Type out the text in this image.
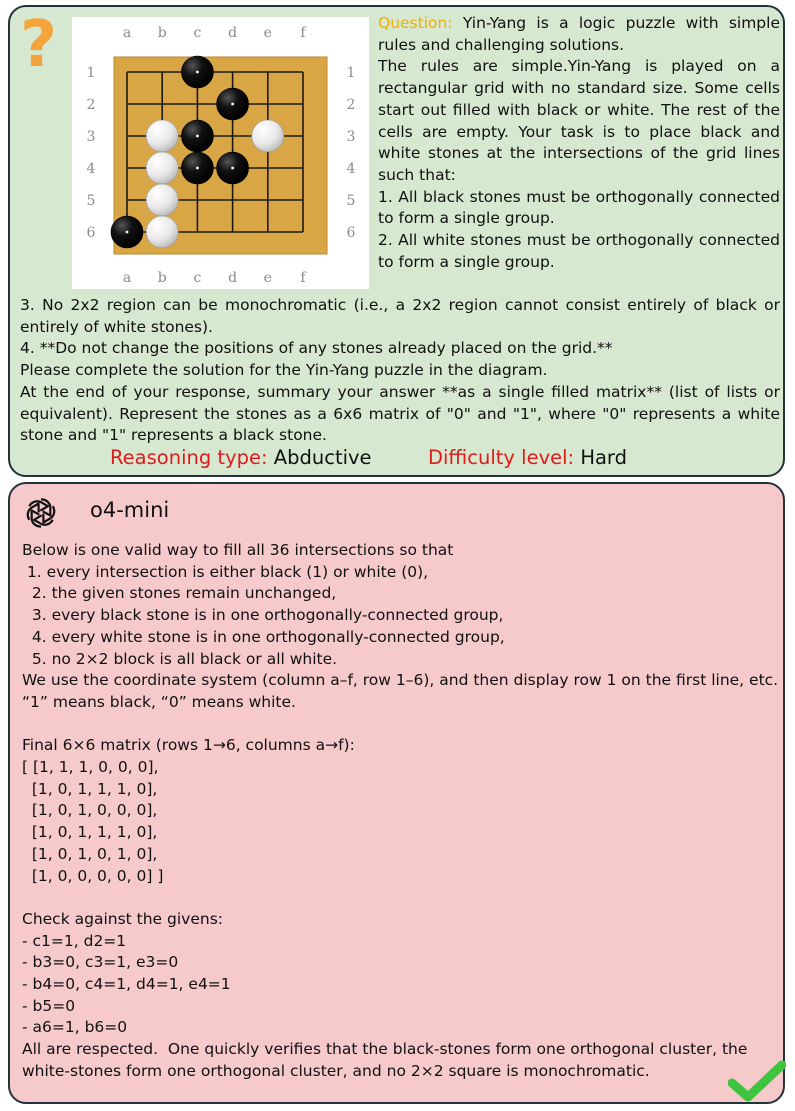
?	a b c d e f
a b c d e f
1
2
3
4
5
6
1
2
3
4
5
6

Question: Yin-Yang is a logic puzzle with simple rules and challenging solutions.

The rules are simple.Yin-Yang is played on a rectangular grid with no standard size. Some cells start out filled with black or white. The rest of the cells are empty. Your task is to place black and white stones at the intersections of the grid lines such that:

1. All black stones must be orthogonally connected to form a single group.

2. All white stones must be orthogonally connected to form a single group.

3. No 2x2 region can be monochromatic (i.e., a 2x2 region cannot consist entirely of black or entirely of white stones).

4. **Do not change the positions of any stones already placed on the grid.**

Please complete the solution for the Yin-Yang puzzle in the diagram.

At the end of your response, summary your answer **as a single filled matrix** (list of lists or equivalent). Represent the stones as a 6x6 matrix of "0" and "1", where "0" represents a white stone and "1" represents a black stone.

Reasoning type: Abductive	Difficulty level: Hard
o4-mini

Below is one valid way to fill all 36 intersections so that

1. every intersection is either black (1) or white (0),

2. the given stones remain unchanged,

3. every black stone is in one orthogonally-connected group,

4. every white stone is in one orthogonally-connected group,

5. no 2×2 block is all black or all white.

We use the coordinate system (column a–f, row 1–6), and then display row 1 on the first line, etc.  “1” means black, “0” means white.

Final 6×6 matrix (rows 1→6, columns a→f):

[ [1, 1, 1, 0, 0, 0],

[1, 0, 1, 1, 1, 0],

[1, 0, 1, 0, 0, 0],

[1, 0, 1, 1, 1, 0],

[1, 0, 1, 0, 1, 0],

[1, 0, 0, 0, 0, 0] ]

Check against the givens:

- c1=1, d2=1

- b3=0, c3=1, e3=0

- b4=0, c4=1, d4=1, e4=1

- b5=0

- a6=1, b6=0

All are respected.  One quickly verifies that the black-stones form one orthogonal cluster, the white-stones form one orthogonal cluster, and no 2×2 square is monochromatic.
